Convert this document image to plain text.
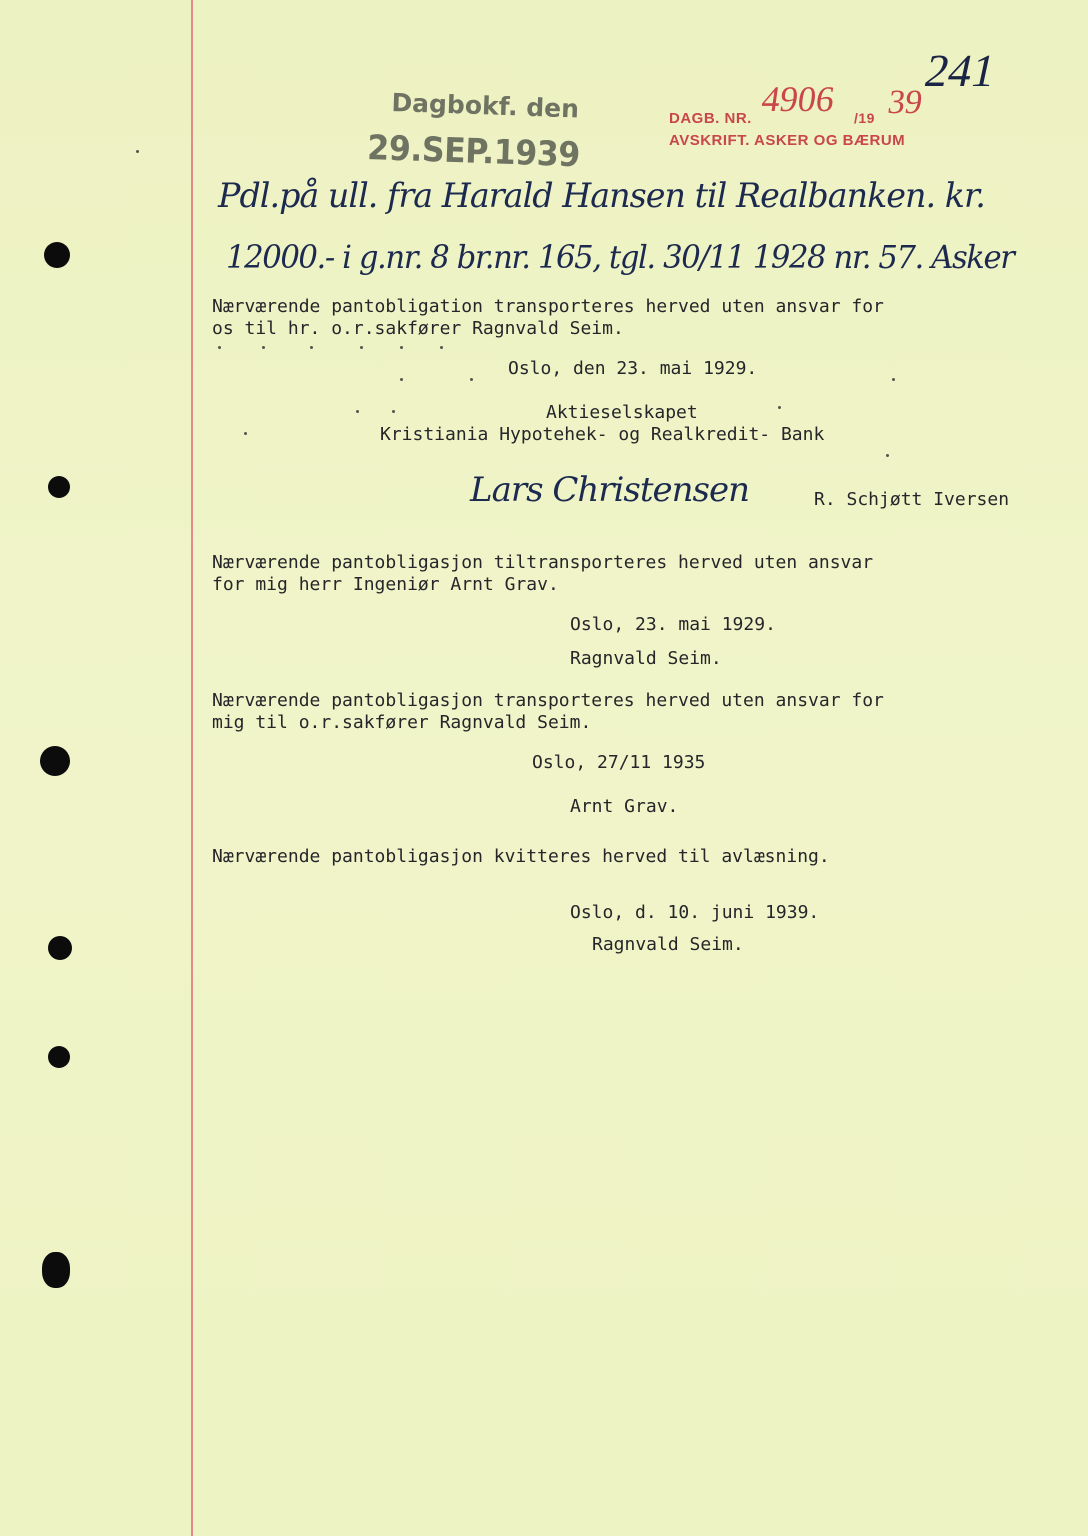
Dagbokf. den
29.SEP.1939
DAGB. NR. 4906 /19 39
AVSKRIFT. ASKER OG BÆRUM
241
Pdl.på ull. fra Harald Hansen til Realbanken. kr.
12000.- i g.nr. 8 br.nr. 165, tgl. 30/11 1928 nr. 57. Asker
Nærværende pantobligation transporteres herved uten ansvar for
os til hr. o.r.sakfører Ragnvald Seim.
Oslo, den 23. mai 1929.
Aktieselskapet
Kristiania Hypotehek- og Realkredit- Bank
Lars Christensen	R. Schjøtt Iversen
Nærværende pantobligasjon tiltransporteres herved uten ansvar
for mig herr Ingeniør Arnt Grav.
Oslo, 23. mai 1929.
Ragnvald Seim.
Nærværende pantobligasjon transporteres herved uten ansvar for
mig til o.r.sakfører Ragnvald Seim.
Oslo, 27/11 1935
Arnt Grav.
Nærværende pantobligasjon kvitteres herved til avlæsning.
Oslo, d. 10. juni 1939.
Ragnvald Seim.
